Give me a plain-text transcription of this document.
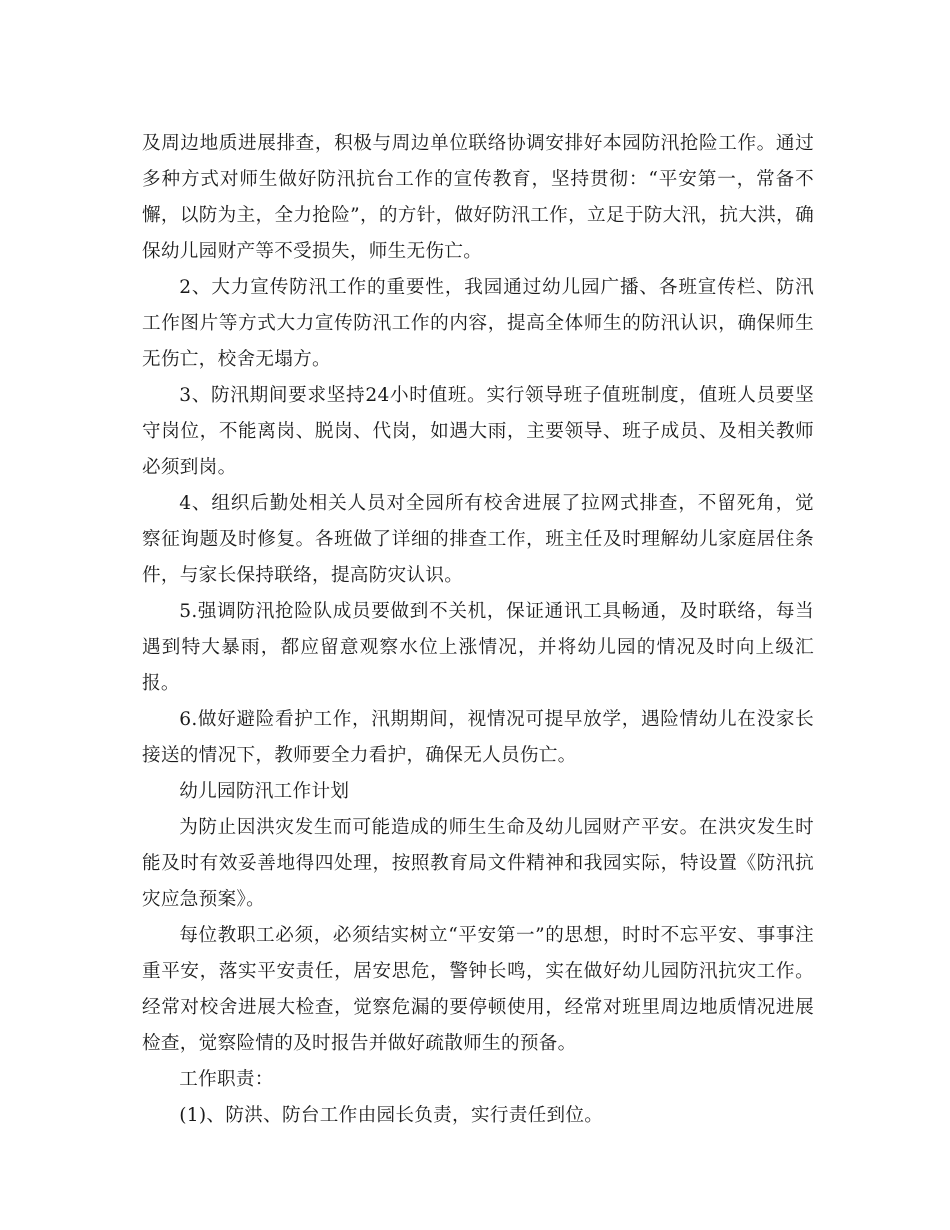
及周边地质进展排查，积极与周边单位联络协调安排好本园防汛抢险工作。通过多种方式对师生做好防汛抗台工作的宣传教育，坚持贯彻：“平安第一，常备不懈，以防为主，全力抢险”，的方针，做好防汛工作，立足于防大汛，抗大洪，确保幼儿园财产等不受损失，师生无伤亡。

2、大力宣传防汛工作的重要性，我园通过幼儿园广播、各班宣传栏、防汛工作图片等方式大力宣传防汛工作的内容，提高全体师生的防汛认识，确保师生无伤亡，校舍无塌方。

3、防汛期间要求坚持24小时值班。实行领导班子值班制度，值班人员要坚守岗位，不能离岗、脱岗、代岗，如遇大雨，主要领导、班子成员、及相关教师必须到岗。

4、组织后勤处相关人员对全园所有校舍进展了拉网式排查，不留死角，觉察征询题及时修复。各班做了详细的排查工作，班主任及时理解幼儿家庭居住条件，与家长保持联络，提高防灾认识。

5.强调防汛抢险队成员要做到不关机，保证通讯工具畅通，及时联络，每当遇到特大暴雨，都应留意观察水位上涨情况，并将幼儿园的情况及时向上级汇报。

6.做好避险看护工作，汛期期间，视情况可提早放学，遇险情幼儿在没家长接送的情况下，教师要全力看护，确保无人员伤亡。

幼儿园防汛工作计划

为防止因洪灾发生而可能造成的师生生命及幼儿园财产平安。在洪灾发生时能及时有效妥善地得四处理，按照教育局文件精神和我园实际，特设置《防汛抗灾应急预案》。

每位教职工必须，必须结实树立“平安第一”的思想，时时不忘平安、事事注重平安，落实平安责任，居安思危，警钟长鸣，实在做好幼儿园防汛抗灾工作。经常对校舍进展大检查，觉察危漏的要停顿使用，经常对班里周边地质情况进展检查，觉察险情的及时报告并做好疏散师生的预备。

工作职责：

(1)、防洪、防台工作由园长负责，实行责任到位。
